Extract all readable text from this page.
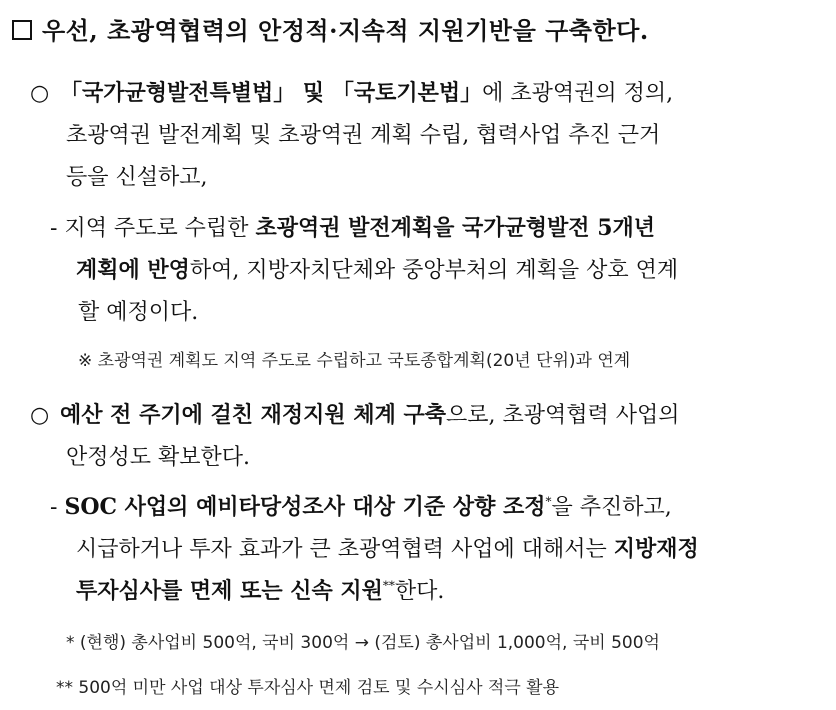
우선, 초광역협력의 안정적·지속적 지원기반을 구축한다.
○ 「국가균형발전특별법」 및 「국토기본법」에 초광역권의 정의,
초광역권 발전계획 및 초광역권 계획 수립, 협력사업 추진 근거
등을 신설하고,
- 지역 주도로 수립한 초광역권 발전계획을 국가균형발전 5개년
계획에 반영하여, 지방자치단체와 중앙부처의 계획을 상호 연계
할 예정이다.
※ 초광역권 계획도 지역 주도로 수립하고 국토종합계획(20년 단위)과 연계
○ 예산 전 주기에 걸친 재정지원 체계 구축으로, 초광역협력 사업의
안정성도 확보한다.
- SOC 사업의 예비타당성조사 대상 기준 상향 조정*을 추진하고,
시급하거나 투자 효과가 큰 초광역협력 사업에 대해서는 지방재정
투자심사를 면제 또는 신속 지원**한다.
* (현행) 총사업비 500억, 국비 300억 → (검토) 총사업비 1,000억, 국비 500억
** 500억 미만 사업 대상 투자심사 면제 검토 및 수시심사 적극 활용
